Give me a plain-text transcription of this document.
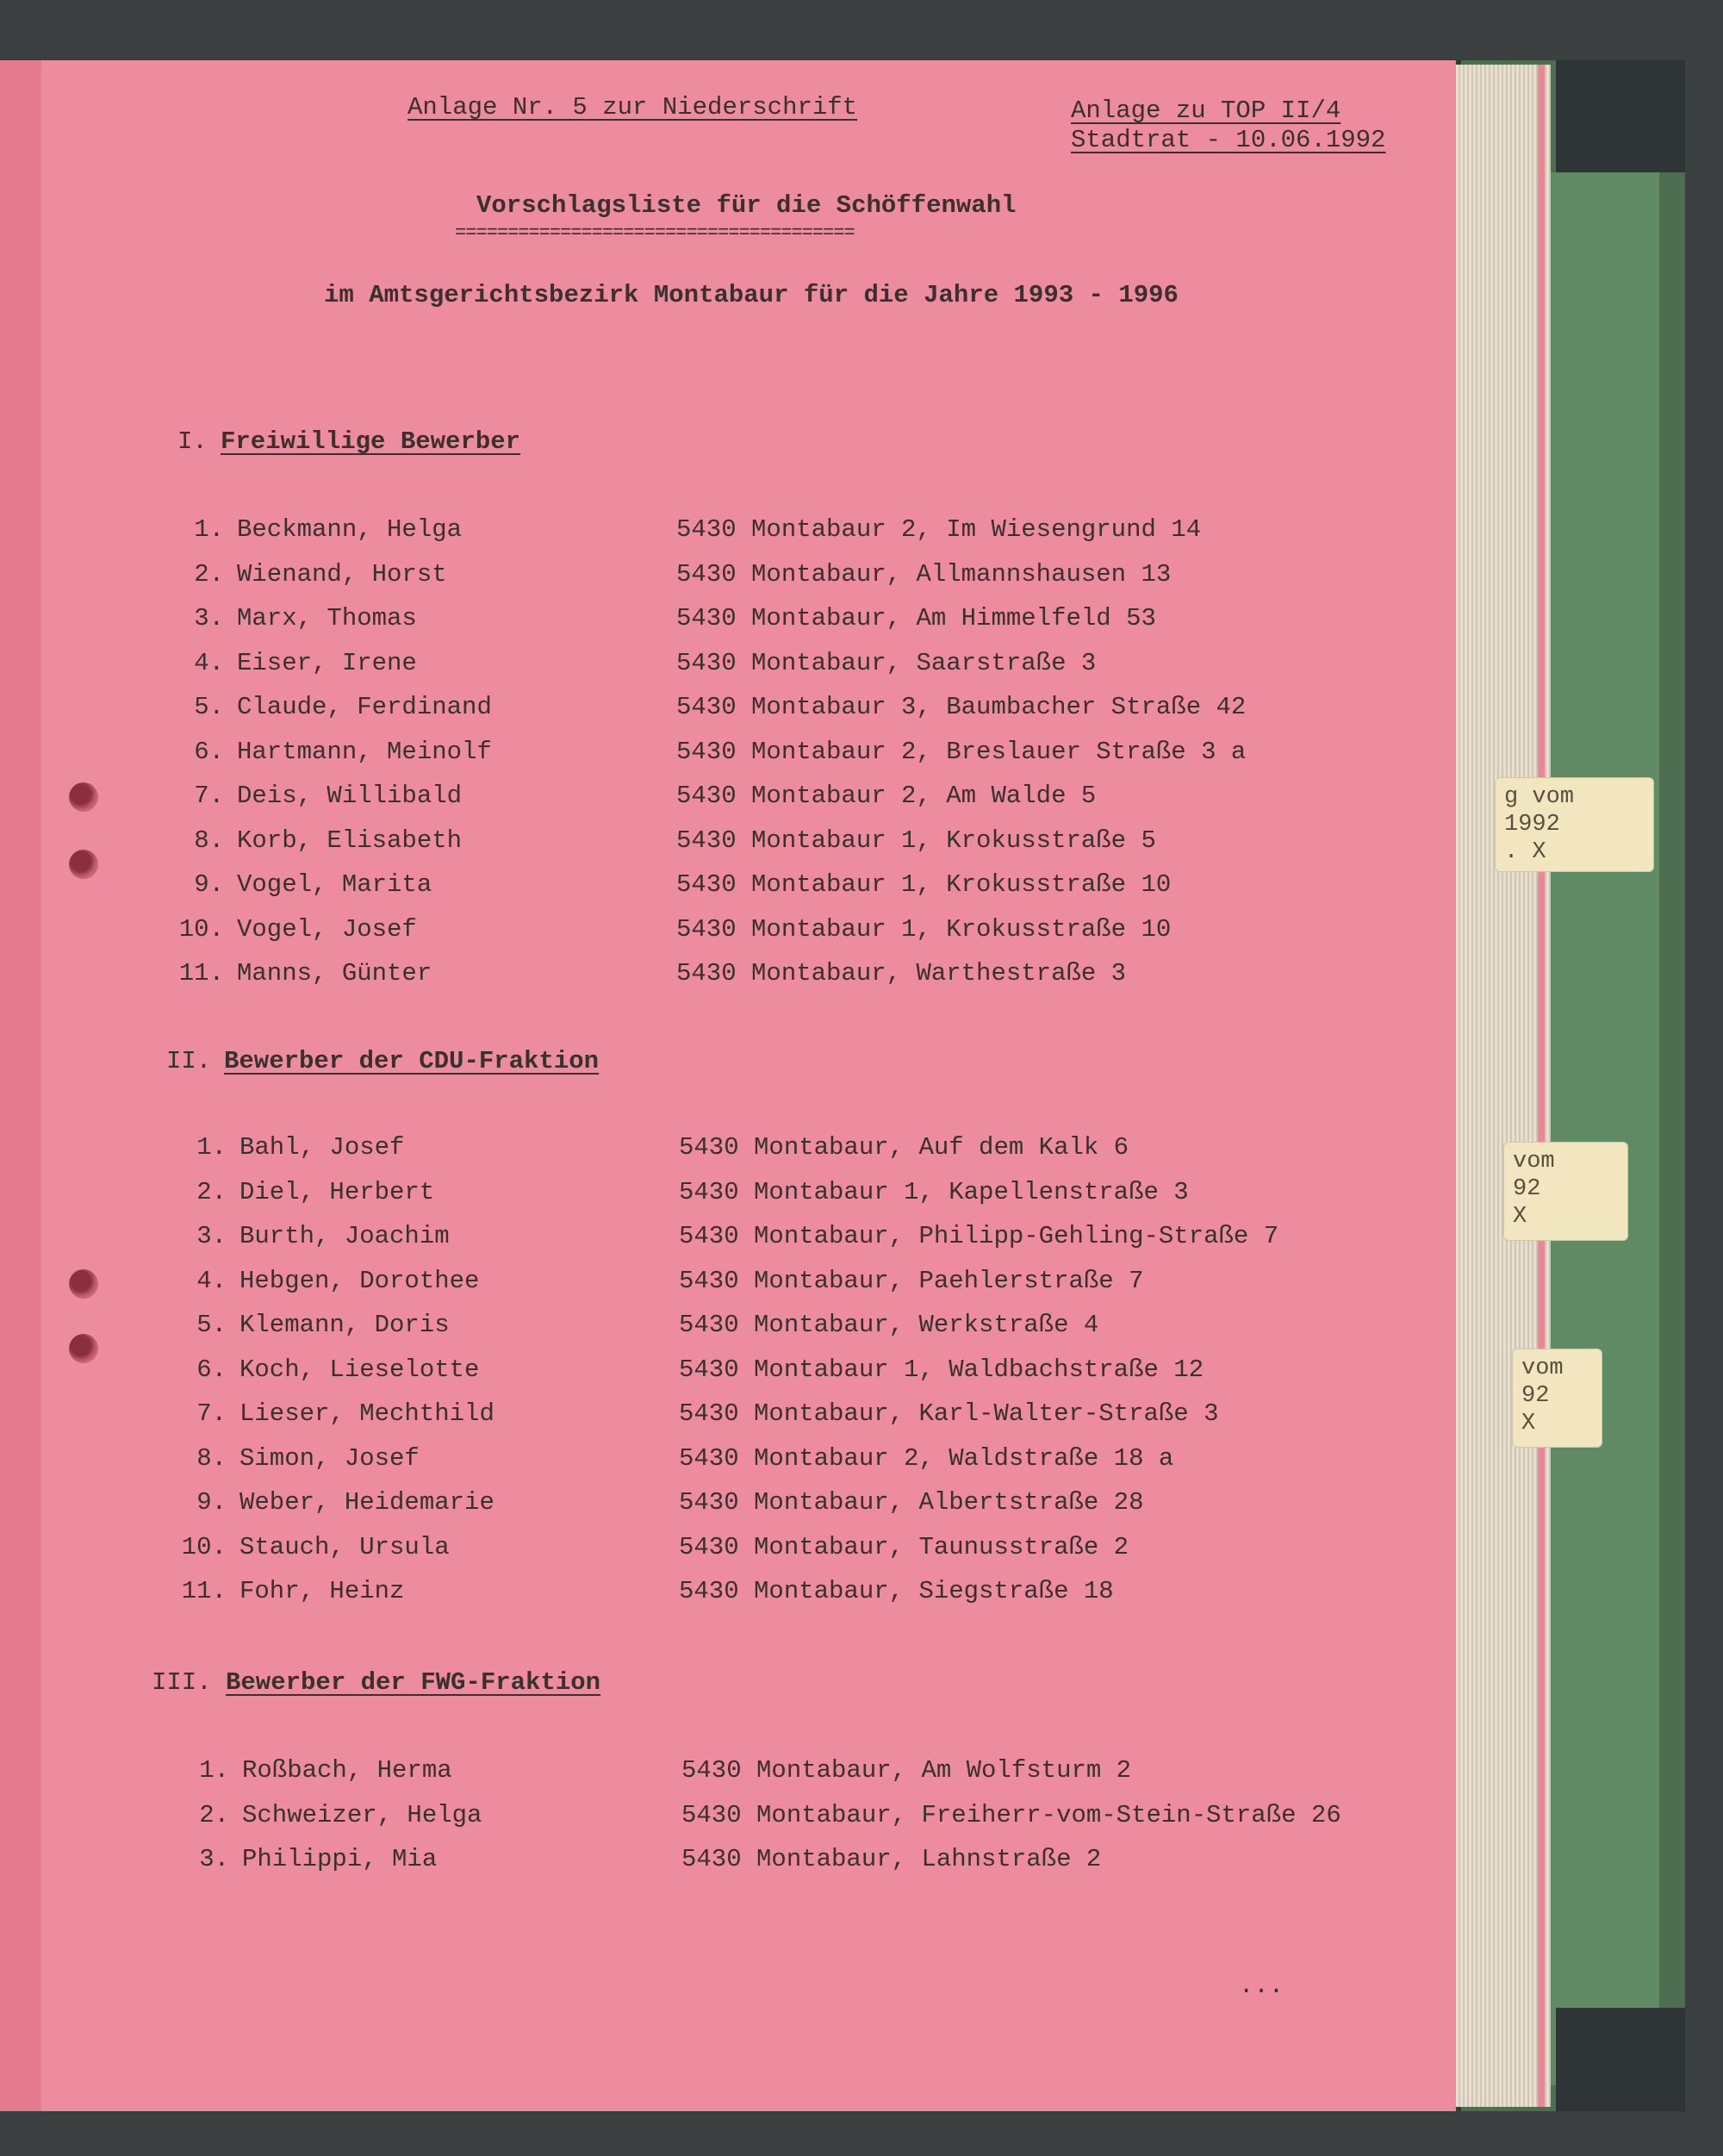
g vom
1992
. X
vom
92
X
vom
92
X
Anlage Nr. 5 zur Niederschrift	Anlage zu TOP II/4
Stadtrat - 10.06.1992
Vorschlagsliste für die Schöffenwahl
======================================
im Amtsgerichtsbezirk Montabaur für die Jahre 1993 - 1996
I. Freiwillige Bewerber
1. Beckmann, Helga	5430 Montabaur 2, Im Wiesengrund 14
2. Wienand, Horst	5430 Montabaur, Allmannshausen 13
3. Marx, Thomas	5430 Montabaur, Am Himmelfeld 53
4. Eiser, Irene	5430 Montabaur, Saarstraße 3
5. Claude, Ferdinand	5430 Montabaur 3, Baumbacher Straße 42
6. Hartmann, Meinolf	5430 Montabaur 2, Breslauer Straße 3 a
7. Deis, Willibald	5430 Montabaur 2, Am Walde 5
8. Korb, Elisabeth	5430 Montabaur 1, Krokusstraße 5
9. Vogel, Marita	5430 Montabaur 1, Krokusstraße 10
10. Vogel, Josef	5430 Montabaur 1, Krokusstraße 10
11. Manns, Günter	5430 Montabaur, Warthestraße 3
II. Bewerber der CDU-Fraktion
1. Bahl, Josef	5430 Montabaur, Auf dem Kalk 6
2. Diel, Herbert	5430 Montabaur 1, Kapellenstraße 3
3. Burth, Joachim	5430 Montabaur, Philipp-Gehling-Straße 7
4. Hebgen, Dorothee	5430 Montabaur, Paehlerstraße 7
5. Klemann, Doris	5430 Montabaur, Werkstraße 4
6. Koch, Lieselotte	5430 Montabaur 1, Waldbachstraße 12
7. Lieser, Mechthild	5430 Montabaur, Karl-Walter-Straße 3
8. Simon, Josef	5430 Montabaur 2, Waldstraße 18 a
9. Weber, Heidemarie	5430 Montabaur, Albertstraße 28
10. Stauch, Ursula	5430 Montabaur, Taunusstraße 2
11. Fohr, Heinz	5430 Montabaur, Siegstraße 18
III. Bewerber der FWG-Fraktion
1. Roßbach, Herma	5430 Montabaur, Am Wolfsturm 2
2. Schweizer, Helga	5430 Montabaur, Freiherr-vom-Stein-Straße 26
3. Philippi, Mia	5430 Montabaur, Lahnstraße 2
...
